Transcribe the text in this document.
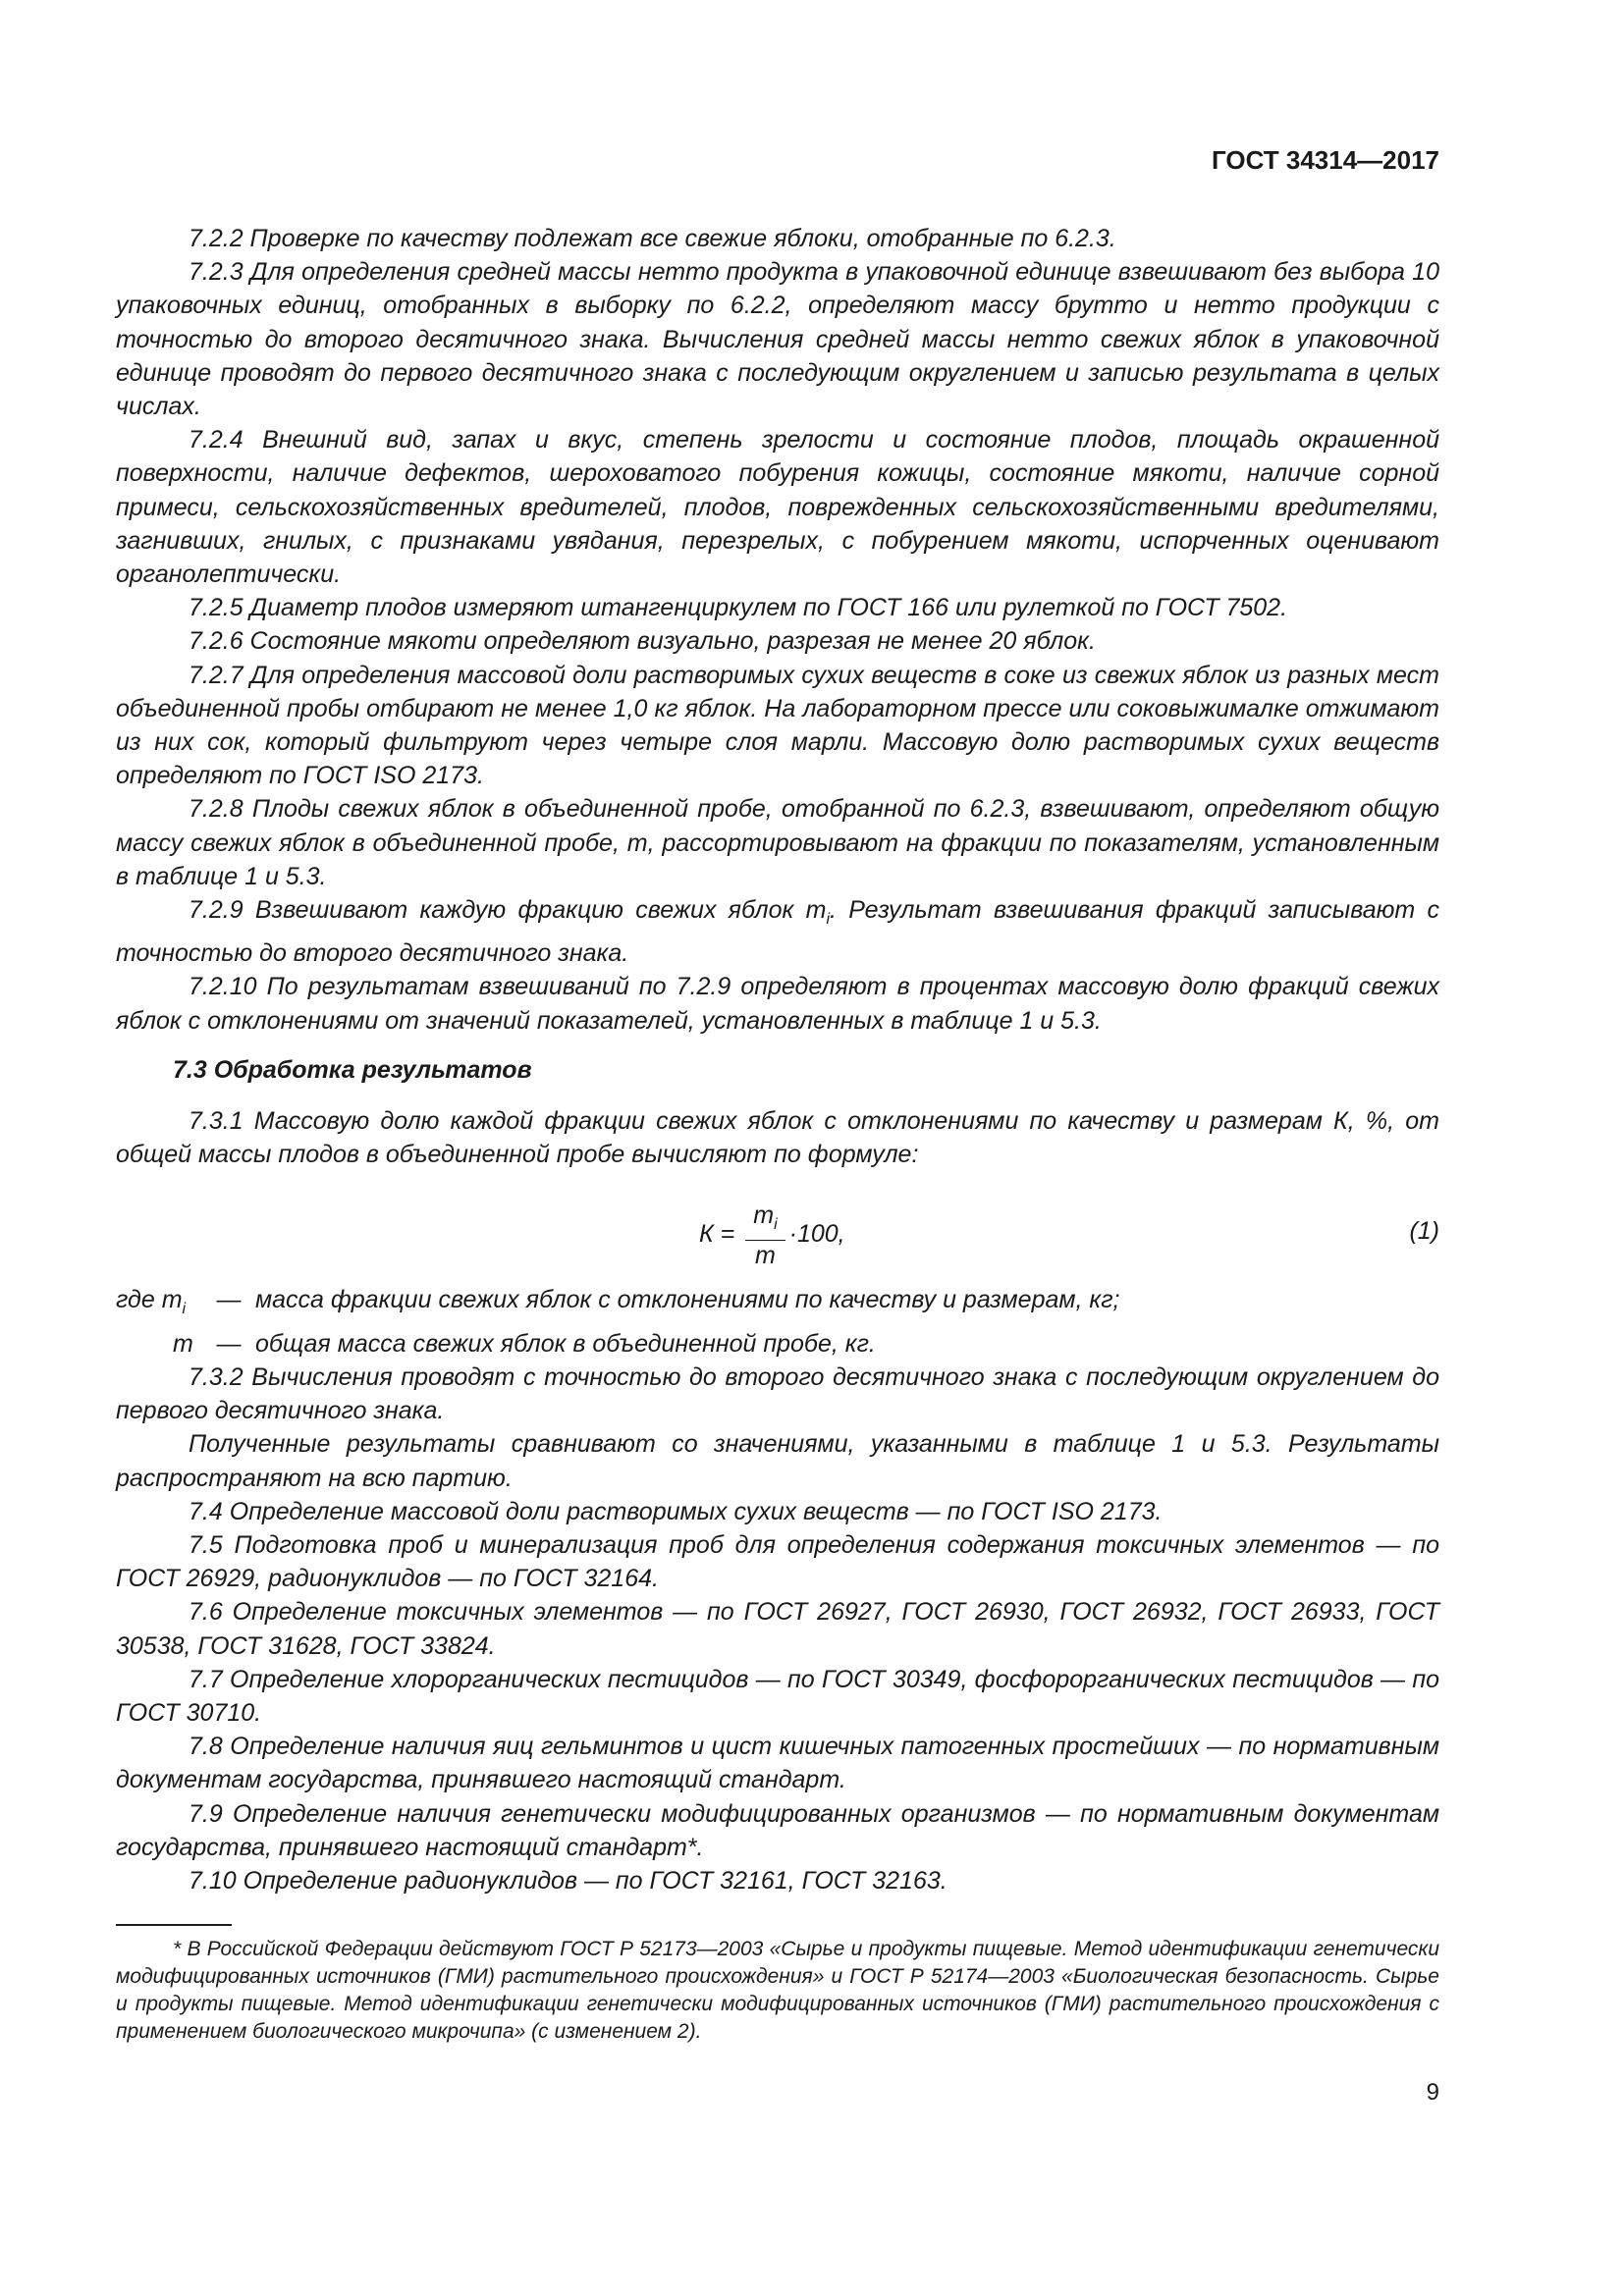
ГОСТ 34314—2017

7.2.2 Проверке по качеству подлежат все свежие яблоки, отобранные по 6.2.3.

7.2.3 Для определения средней массы нетто продукта в упаковочной единице взвешивают без выбора 10 упаковочных единиц, отобранных в выборку по 6.2.2, определяют массу брутто и нетто продукции с точностью до второго десятичного знака. Вычисления средней массы нетто свежих яблок в упаковочной единице проводят до первого десятичного знака с последующим округлением и записью результата в целых числах.

7.2.4 Внешний вид, запах и вкус, степень зрелости и состояние плодов, площадь окрашенной поверхности, наличие дефектов, шероховатого побурения кожицы, состояние мякоти, наличие сорной примеси, сельскохозяйственных вредителей, плодов, поврежденных сельскохозяйственными вредителями, загнивших, гнилых, с признаками увядания, перезрелых, с побурением мякоти, испорченных оценивают органолептически.

7.2.5 Диаметр плодов измеряют штангенциркулем по ГОСТ 166 или рулеткой по ГОСТ 7502.

7.2.6 Состояние мякоти определяют визуально, разрезая не менее 20 яблок.

7.2.7 Для определения массовой доли растворимых сухих веществ в соке из свежих яблок из разных мест объединенной пробы отбирают не менее 1,0 кг яблок. На лабораторном прессе или соковыжималке отжимают из них сок, который фильтруют через четыре слоя марли. Массовую долю растворимых сухих веществ определяют по ГОСТ ISO 2173.

7.2.8 Плоды свежих яблок в объединенной пробе, отобранной по 6.2.3, взвешивают, определяют общую массу свежих яблок в объединенной пробе, m, рассортировывают на фракции по показателям, установленным в таблице 1 и 5.3.

7.2.9 Взвешивают каждую фракцию свежих яблок $m_i$. Результат взвешивания фракций записывают с точностью до второго десятичного знака.

7.2.10 По результатам взвешиваний по 7.2.9 определяют в процентах массовую долю фракций свежих яблок с отклонениями от значений показателей, установленных в таблице 1 и 5.3.

7.3 Обработка результатов

7.3.1 Массовую долю каждой фракции свежих яблок с отклонениями по качеству и размерам К, %, от общей массы плодов в объединенной пробе вычисляют по формуле:

$К = \frac{m_i}{m} \cdot 100$,	(1)

где $m_i$ — масса фракции свежих яблок с отклонениями по качеству и размерам, кг;

m — общая масса свежих яблок в объединенной пробе, кг.

7.3.2 Вычисления проводят с точностью до второго десятичного знака с последующим округлением до первого десятичного знака.

Полученные результаты сравнивают со значениями, указанными в таблице 1 и 5.3. Результаты распространяют на всю партию.

7.4 Определение массовой доли растворимых сухих веществ — по ГОСТ ISO 2173.

7.5 Подготовка проб и минерализация проб для определения содержания токсичных элементов — по ГОСТ 26929, радионуклидов — по ГОСТ 32164.

7.6 Определение токсичных элементов — по ГОСТ 26927, ГОСТ 26930, ГОСТ 26932, ГОСТ 26933, ГОСТ 30538, ГОСТ 31628, ГОСТ 33824.

7.7 Определение хлорорганических пестицидов — по ГОСТ 30349, фосфорорганических пестицидов — по ГОСТ 30710.

7.8 Определение наличия яиц гельминтов и цист кишечных патогенных простейших — по нормативным документам государства, принявшего настоящий стандарт.

7.9 Определение наличия генетически модифицированных организмов — по нормативным документам государства, принявшего настоящий стандарт*.

7.10 Определение радионуклидов — по ГОСТ 32161, ГОСТ 32163.

* В Российской Федерации действуют ГОСТ Р 52173—2003 «Сырье и продукты пищевые. Метод идентификации генетически модифицированных источников (ГМИ) растительного происхождения» и ГОСТ Р 52174—2003 «Биологическая безопасность. Сырье и продукты пищевые. Метод идентификации генетически модифицированных источников (ГМИ) растительного происхождения с применением биологического микрочипа» (с изменением 2).
9
